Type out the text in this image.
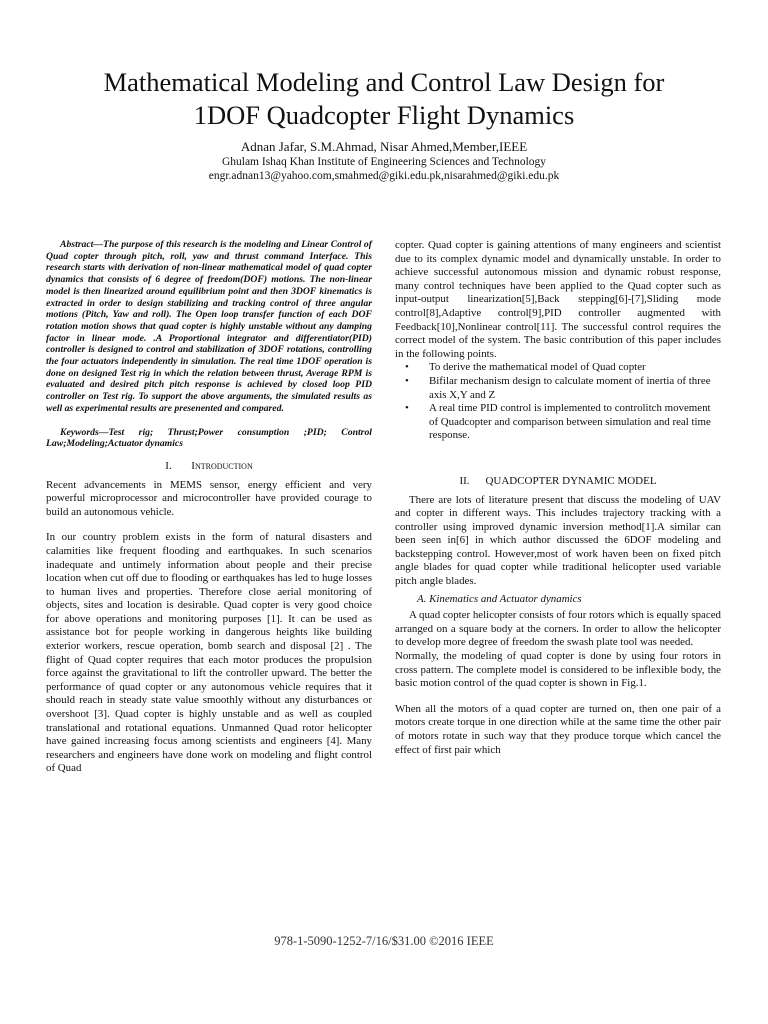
Mathematical Modeling and Control Law Design for
1DOF Quadcopter Flight Dynamics
Adnan Jafar, S.M.Ahmad, Nisar Ahmed,Member,IEEE
Ghulam Ishaq Khan Institute of Engineering Sciences and Technology
engr.adnan13@yahoo.com,smahmed@giki.edu.pk,nisarahmed@giki.edu.pk

Abstract—The purpose of this research is the modeling and Linear Control of Quad copter through pitch, roll, yaw and thrust command Interface. This research starts with derivation of non-linear mathematical model of quad copter dynamics that consists of 6 degree of freedom(DOF) motions. The non-linear model is then linearized around equilibrium point and then 3DOF kinematics is extracted in order to design stabilizing and tracking control of three angular motions (Pitch, Yaw and roll). The Open loop transfer function of each DOF rotation motion shows that quad copter is highly unstable without any damping factor in linear mode. .A Proportional integrator and differentiator(PID) controller is designed to control and stabilization of 3DOF rotations, controlling the four actuators independently in simulation. The real time 1DOF operation is done on designed Test rig in which the relation between thrust, Average RPM is evaluated and desired pitch pitch response is achieved by closed loop PID controller on Test rig. To support the above arguments, the simulated results as well as experimental results are presenented and compared.

Keywords—Test rig; Thrust;Power consumption ;PID; Control Law;Modeling;Actuator dynamics

I. Introduction

Recent advancements in MEMS sensor, energy efficient and very powerful microprocessor and microcontroller have provided courage to build an autonomous vehicle.

In our country problem exists in the form of natural disasters and calamities like frequent flooding and earthquakes. In such scenarios inadequate and untimely information about people and their precise location when cut off due to flooding or earthquakes has led to huge losses to human lives and properties. Therefore close aerial monitoring of objects, sites and location is desirable. Quad copter is very good choice for above operations and monitoring purposes [1]. It can be used as assistance bot for people working in dangerous heights like building exterior workers, rescue operation, bomb search and disposal [2] . The flight of Quad copter requires that each motor produces the propulsion force against the gravitational to lift the controller upward. The better the performance of quad copter or any autonomous vehicle requires that it should reach in steady state value smoothly without any disturbances or overshoot [3]. Quad copter is highly unstable and as well as coupled translational and rotational equations. Unmanned Quad rotor helicopter have gained increasing focus among scientists and engineers [4]. Many researchers and engineers have done work on modeling and flight control of Quad

copter. Quad copter is gaining attentions of many engineers and scientist due to its complex dynamic model and dynamically unstable. In order to achieve successful autonomous mission and dynamic robust response, many control techniques have been applied to the Quad copter such as input-output linearization[5],Back stepping[6]-[7],Sliding mode control[8],Adaptive control[9],PID controller augmented with Feedback[10],Nonlinear control[11]. The successful control requires the correct model of the system. The basic contribution of this paper includes in the following points.

• To derive the mathematical model of Quad copter
• Bifilar mechanism design to calculate moment of inertia of three axis X,Y and Z
• A real time PID control is implemented to controlitch movement of Quadcopter and comparison between simulation and real time response.
II. QUADCOPTER DYNAMIC MODEL

There are lots of literature present that discuss the modeling of UAV and copter in different ways. This includes trajectory tracking with a controller using improved dynamic inversion method[1].A similar can been seen in[6] in which author discussed the 6DOF modeling and backstepping control. However,most of work haven been on fixed pitch angle blades for quad copter while traditional helicopter used variable pitch angle blades.

A. Kinematics and Actuator dynamics

A quad copter helicopter consists of four rotors which is equally spaced arranged on a square body at the corners. In order to allow the helicopter to develop more degree of freedom the swash plate tool was needed.

Normally, the modeling of quad copter is done by using four rotors in cross pattern. The complete model is considered to be inflexible body, the basic motion control of the quad copter is shown in Fig.1.

When all the motors of a quad copter are turned on, then one pair of a motors create torque in one direction while at the same time the other pair of motors rotate in such way that they produce torque which cancel the effect of first pair which

978-1-5090-1252-7/16/$31.00 ©2016 IEEE
